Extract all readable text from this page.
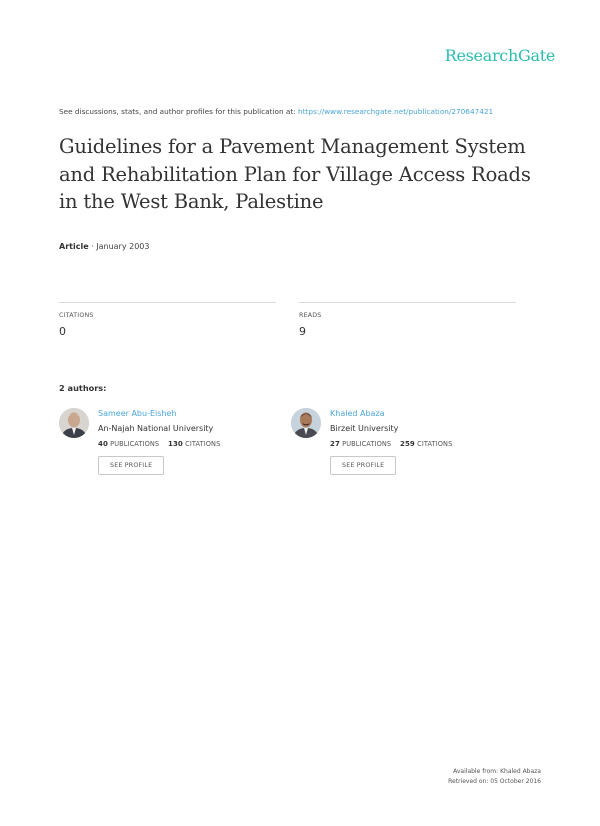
ResearchGate
See discussions, stats, and author profiles for this publication at: https://www.researchgate.net/publication/270647421
Guidelines for a Pavement Management System and Rehabilitation Plan for Village Access Roads in the West Bank, Palestine
Article · January 2003
CITATIONS
0
READS
9
2 authors:
Sameer Abu-Eisheh
An-Najah National University
40 PUBLICATIONS 130 CITATIONS
SEE PROFILE
Khaled Abaza
Birzeit University
27 PUBLICATIONS 259 CITATIONS
SEE PROFILE
Available from: Khaled Abaza
Retrieved on: 05 October 2016
